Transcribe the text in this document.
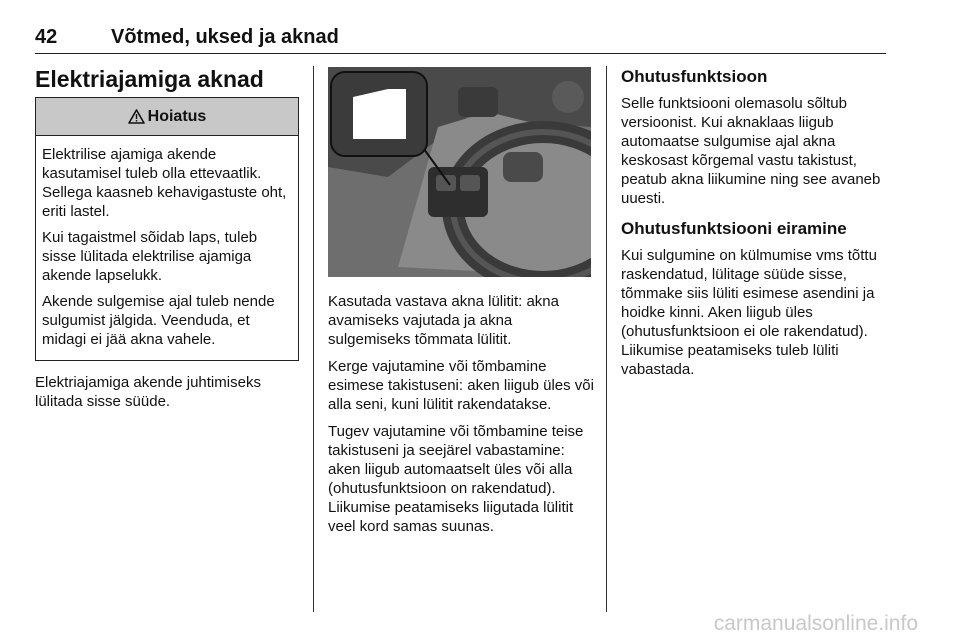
42	Võtmed, uksed ja aknad
Elektriajamiga aknad
Hoiatus

Elektrilise ajamiga akende kasutamisel tuleb olla ettevaatlik. Sellega kaasneb kehavigastuste oht, eriti lastel.

Kui tagaistmel sõidab laps, tuleb sisse lülitada elektrilise ajamiga akende lapselukk.

Akende sulgemise ajal tuleb nende sulgumist jälgida. Veenduda, et midagi ei jää akna vahele.

Elektriajamiga akende juhtimiseks lülitada sisse süüde.

Kasutada vastava akna lülitit: akna avamiseks vajutada ja akna sulgemiseks tõmmata lülitit.

Kerge vajutamine või tõmbamine esimese takistuseni: aken liigub üles või alla seni, kuni lülitit rakendatakse.

Tugev vajutamine või tõmbamine teise takistuseni ja seejärel vabastamine: aken liigub automaatselt üles või alla (ohutusfunktsioon on rakendatud). Liikumise peatamiseks liigutada lülitit veel kord samas suunas.

Ohutusfunktsioon

Selle funktsiooni olemasolu sõltub versioonist. Kui aknaklaas liigub automaatse sulgumise ajal akna keskosast kõrgemal vastu takistust, peatub akna liikumine ning see avaneb uuesti.

Ohutusfunktsiooni eiramine

Kui sulgumine on külmumise vms tõttu raskendatud, lülitage süüde sisse, tõmmake siis lüliti esimese asendini ja hoidke kinni. Aken liigub üles (ohutusfunktsioon ei ole rakendatud). Liikumise peatamiseks tuleb lüliti vabastada.

carmanualsonline.info
